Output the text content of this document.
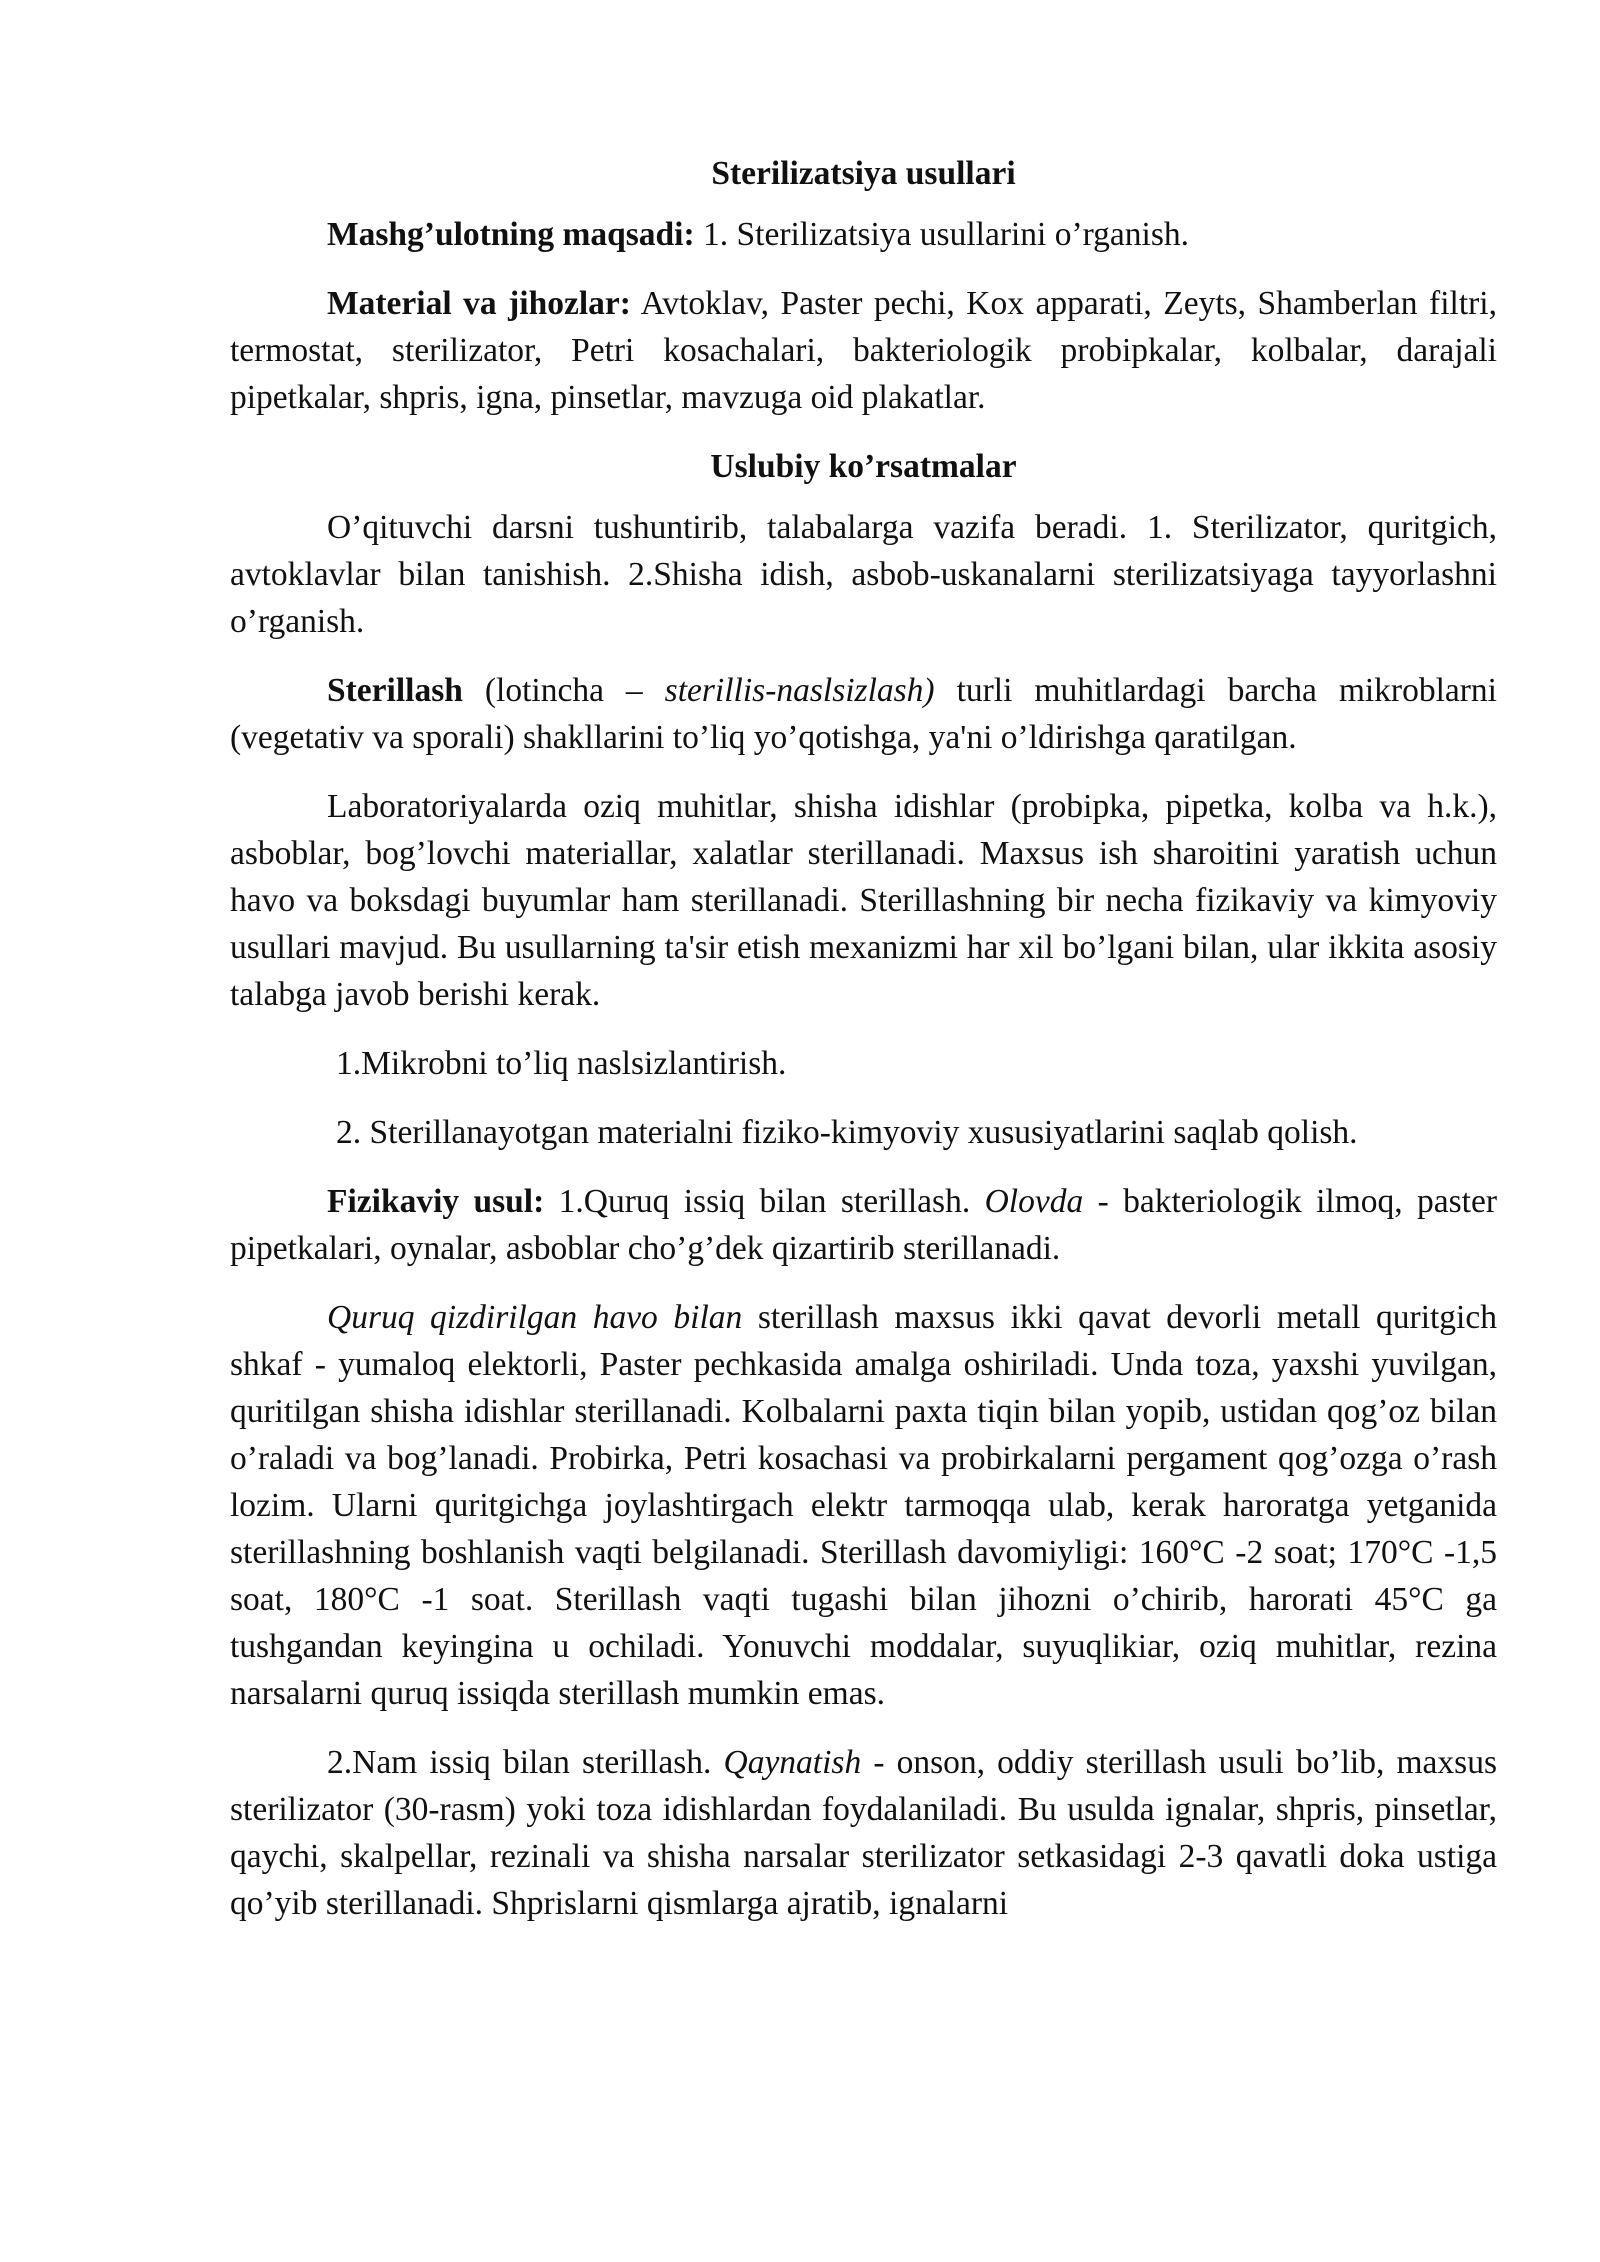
Sterilizatsiya usullari

Mashg’ulotning maqsadi: 1. Sterilizatsiya usullarini o’rganish.

Material va jihozlar: Avtoklav, Paster pechi, Kox apparati, Zeyts, Shamberlan filtri, termostat, sterilizator, Petri kosachalari, bakteriologik probipkalar, kolbalar, darajali pipetkalar, shpris, igna, pinsetlar, mavzuga oid plakatlar.

Uslubiy ko’rsatmalar

O’qituvchi darsni tushuntirib, talabalarga vazifa beradi. 1. Sterilizator, quritgich, avtoklavlar bilan tanishish. 2.Shisha idish, asbob-uskanalarni sterilizatsiyaga tayyorlashni o’rganish.

Sterillash (lotincha – sterillis-naslsizlash) turli muhitlardagi barcha mikroblarni (vegetativ va sporali) shakllarini to’liq yo’qotishga, ya'ni o’ldirishga qaratilgan.

Laboratoriyalarda oziq muhitlar, shisha idishlar (probipka, pipetka, kolba va h.k.), asboblar, bog’lovchi materiallar, xalatlar sterillanadi. Maxsus ish sharoitini yaratish uchun havo va boksdagi buyumlar ham sterillanadi. Sterillashning bir necha fizikaviy va kimyoviy usullari mavjud. Bu usullarning ta'sir etish mexanizmi har xil bo’lgani bilan, ular ikkita asosiy talabga javob berishi kerak.

1.Mikrobni to’liq naslsizlantirish.

2. Sterillanayotgan materialni fiziko-kimyoviy xususiyatlarini saqlab qolish.

Fizikaviy usul: 1.Quruq issiq bilan sterillash. Olovda - bakteriologik ilmoq, paster pipetkalari, oynalar, asboblar cho’g’dek qizartirib sterillanadi.

Quruq qizdirilgan havo bilan sterillash maxsus ikki qavat devorli metall quritgich shkaf - yumaloq elektorli, Paster pechkasida amalga oshiriladi. Unda toza, yaxshi yuvilgan, quritilgan shisha idishlar sterillanadi. Kolbalarni paxta tiqin bilan yopib, ustidan qog’oz bilan o’raladi va bog’lanadi. Probirka, Petri kosachasi va probirkalarni pergament qog’ozga o’rash lozim. Ularni quritgichga joylashtirgach elektr tarmoqqa ulab, kerak haroratga yetganida sterillashning boshlanish vaqti belgilanadi. Sterillash davomiyligi: 160°C -2 soat; 170°C -1,5 soat, 180°C -1 soat. Sterillash vaqti tugashi bilan jihozni o’chirib, harorati 45°C ga tushgandan keyingina u ochiladi. Yonuvchi moddalar, suyuqlikiar, oziq muhitlar, rezina narsalarni quruq issiqda sterillash mumkin emas.

2.Nam issiq bilan sterillash. Qaynatish - onson, oddiy sterillash usuli bo’lib, maxsus sterilizator (30-rasm) yoki toza idishlardan foydalaniladi. Bu usulda ignalar, shpris, pinsetlar, qaychi, skalpellar, rezinali va shisha narsalar sterilizator setkasidagi 2-3 qavatli doka ustiga qo’yib sterillanadi. Shprislarni qismlarga ajratib, ignalarni
